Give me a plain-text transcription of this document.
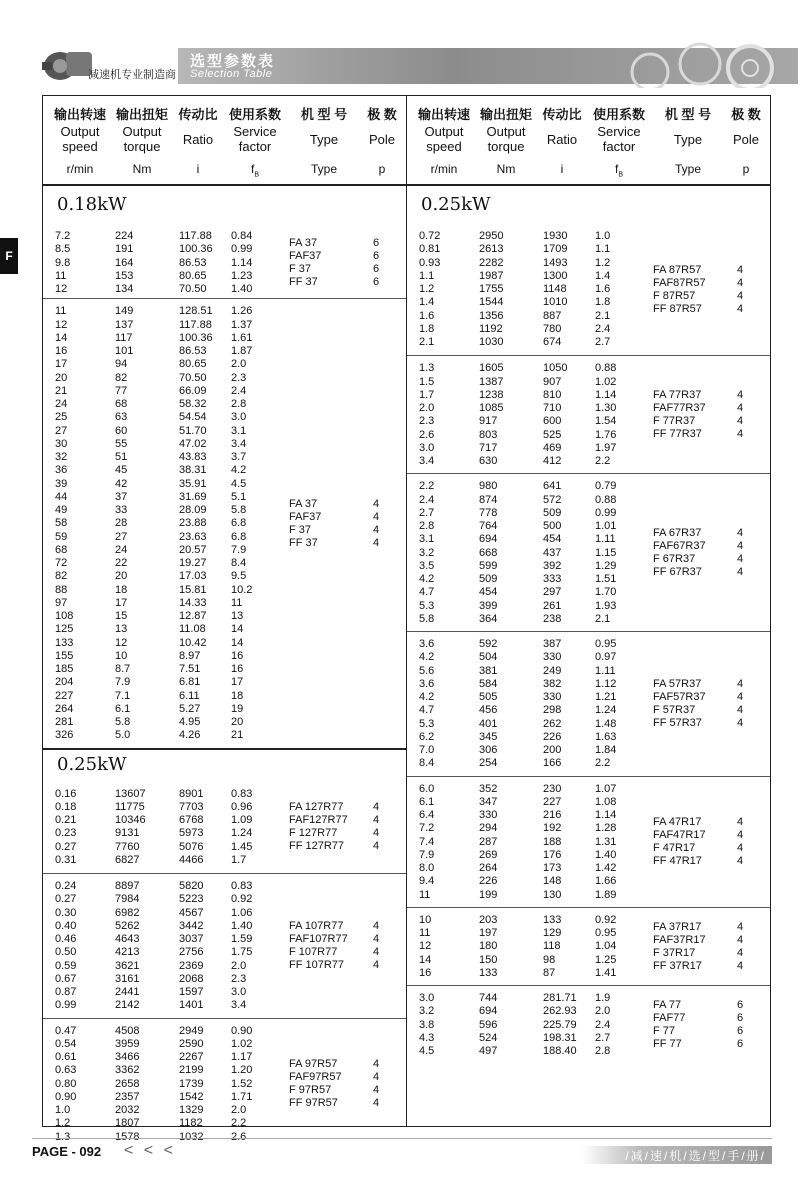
减速机专业制造商
选型参数表
Selection Table
F
输出转速 输出扭矩 传动比 使用系数	机 型 号	极 数
Output speed
Output torque	Ratio
Service factor	Type	Pole
r/min	Nm	i	$f_B$	Type	p
输出转速 输出扭矩 传动比 使用系数	机 型 号	极 数
Output speed
Output torque	Ratio
Service factor	Type	Pole
r/min	Nm	i	$f_B$	Type	p
0.18kW
7.2	224	117.88 0.84
8.5	191	100.36 0.99
9.8	164	86.53 1.14
11	153	80.65 1.23
12	134	70.50 1.40
FA 37	6
FAF37	6
F 37	6
FF 37	6
11	149	128.51 1.26
12	137	117.88 1.37
14	117	100.36 1.61
16	101	86.53 1.87
17	94	80.65 2.0
20	82	70.50 2.3
21	77	66.09 2.4
24	68	58.32 2.8
25	63	54.54 3.0
27	60	51.70 3.1
30	55	47.02 3.4
32	51	43.83 3.7
36	45	38.31 4.2
39	42	35.91 4.5
44	37	31.69 5.1
49	33	28.09 5.8
58	28	23.88 6.8
59	27	23.63 6.8
68	24	20.57 7.9
72	22	19.27 8.4
82	20	17.03 9.5
88	18	15.81 10.2
97	17	14.33 11
108	15	12.87 13
125	13	11.08 14
133	12	10.42 14
155	10	8.97	16
185	8.7	7.51	16
204	7.9	6.81	17
227	7.1	6.11	18
264	6.1	5.27	19
281	5.8	4.95	20
326	5.0	4.26	21
FA 37	4
FAF37	4
F 37	4
FF 37	4
0.25kW
0.16	13607	8901	0.83
0.18	11775	7703	0.96
0.21	10346	6768	1.09
0.23	9131	5973	1.24
0.27	7760	5076	1.45
0.31	6827	4466	1.7
FA 127R77	4
FAF127R77 4
F 127R77	4
FF 127R77	4
0.24	8897	5820	0.83
0.27	7984	5223	0.92
0.30	6982	4567	1.06
0.40	5262	3442	1.40
0.46	4643	3037	1.59
0.50	4213	2756	1.75
0.59	3621	2369	2.0
0.67	3161	2068	2.3
0.87	2441	1597	3.0
0.99	2142	1401	3.4
FA 107R77	4
FAF107R77 4
F 107R77	4
FF 107R77	4
0.47	4508	2949	0.90
0.54	3959	2590	1.02
0.61	3466	2267	1.17
0.63	3362	2199	1.20
0.80	2658	1739	1.52
0.90	2357	1542	1.71
1.0	2032	1329	2.0
1.2	1807	1182	2.2
1.3	1578	1032	2.6
FA 97R57	4
FAF97R57	4
F 97R57	4
FF 97R57	4
0.25kW
0.72	2950	1930	1.0
0.81	2613	1709	1.1
0.93	2282	1493	1.2
1.1	1987	1300	1.4
1.2	1755	1148	1.6
1.4	1544	1010	1.8
1.6	1356	887	2.1
1.8	1192	780	2.4
2.1	1030	674	2.7
FA 87R57	4
FAF87R57	4
F 87R57	4
FF 87R57	4
1.3	1605	1050	0.88
1.5	1387	907	1.02
1.7	1238	810	1.14
2.0	1085	710	1.30
2.3	917	600	1.54
2.6	803	525	1.76
3.0	717	469	1.97
3.4	630	412	2.2
FA 77R37	4
FAF77R37	4
F 77R37	4
FF 77R37	4
2.2	980	641	0.79
2.4	874	572	0.88
2.7	778	509	0.99
2.8	764	500	1.01
3.1	694	454	1.11
3.2	668	437	1.15
3.5	599	392	1.29
4.2	509	333	1.51
4.7	454	297	1.70
5.3	399	261	1.93
5.8	364	238	2.1
FA 67R37	4
FAF67R37	4
F 67R37	4
FF 67R37	4
3.6	592	387	0.95
4.2	504	330	0.97
5.6	381	249	1.11
3.6	584	382	1.12
4.2	505	330	1.21
4.7	456	298	1.24
5.3	401	262	1.48
6.2	345	226	1.63
7.0	306	200	1.84
8.4	254	166	2.2
FA 57R37	4
FAF57R37	4
F 57R37	4
FF 57R37	4
6.0	352	230	1.07
6.1	347	227	1.08
6.4	330	216	1.14
7.2	294	192	1.28
7.4	287	188	1.31
7.9	269	176	1.40
8.0	264	173	1.42
9.4	226	148	1.66
11	199	130	1.89
FA 47R17	4
FAF47R17	4
F 47R17	4
FF 47R17	4
10	203	133	0.92
11	197	129	0.95
12	180	118	1.04
14	150	98	1.25
16	133	87	1.41
FA 37R17	4
FAF37R17	4
F 37R17	4
FF 37R17	4
3.0	744	281.71 1.9
3.2	694	262.93 2.0
3.8	596	225.79 2.4
4.3	524	198.31 2.7
4.5	497	188.40 2.8
FA 77	6
FAF77	6
F 77	6
FF 77	6
PAGE - 092 < < <	/减/速/机/选/型/手/册/
